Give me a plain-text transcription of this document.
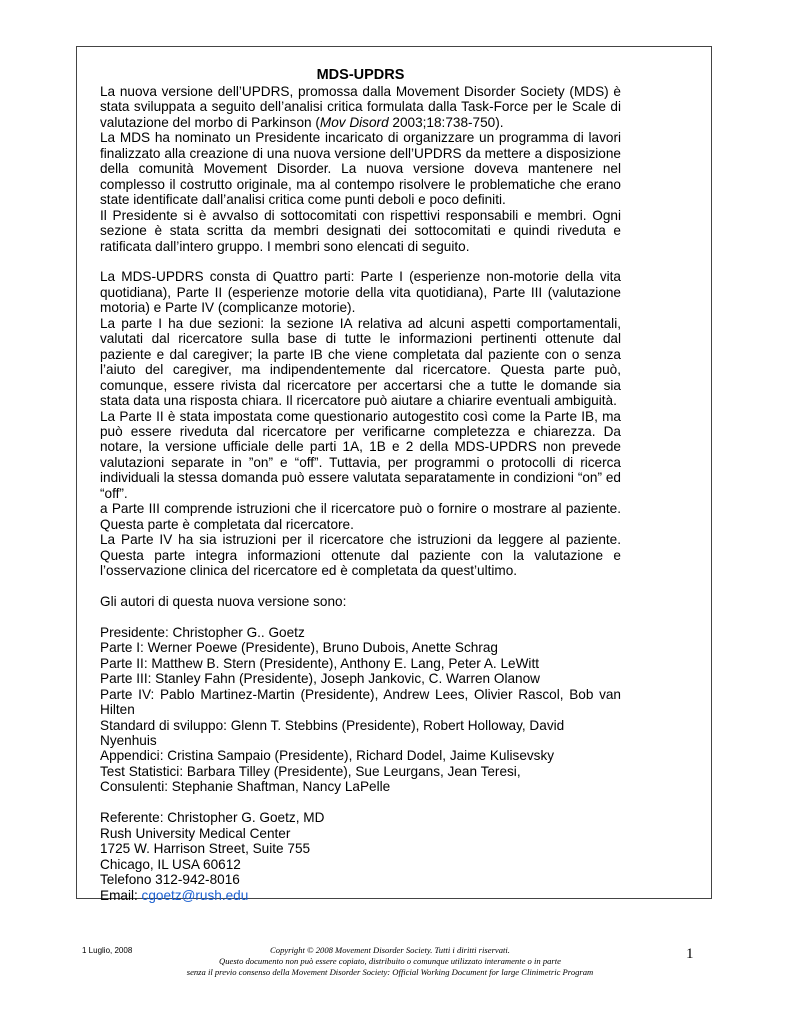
MDS-UPDRS

La nuova versione dell’UPDRS, promossa dalla Movement Disorder Society (MDS) è stata sviluppata a seguito dell’analisi critica formulata dalla Task-Force per le Scale di valutazione del morbo di Parkinson (Mov Disord 2003;18:738-750).

La MDS ha nominato un Presidente incaricato di organizzare un programma di lavori finalizzato alla creazione di una nuova versione dell’UPDRS da mettere a disposizione della comunità Movement Disorder. La nuova versione doveva mantenere nel complesso il costrutto originale, ma al contempo risolvere le problematiche che erano state identificate dall’analisi critica come punti deboli e poco definiti.

Il Presidente si è avvalso di sottocomitati con rispettivi responsabili e membri. Ogni sezione è stata scritta da membri designati dei sottocomitati e quindi riveduta e ratificata dall’intero gruppo. I membri sono elencati di seguito.

La MDS-UPDRS consta di Quattro parti: Parte I (esperienze non-motorie della vita quotidiana), Parte II (esperienze motorie della vita quotidiana), Parte III (valutazione motoria) e Parte IV (complicanze motorie).

La parte I ha due sezioni: la sezione IA relativa ad alcuni aspetti comportamentali, valutati dal ricercatore sulla base di tutte le informazioni pertinenti ottenute dal paziente e dal caregiver; la parte IB che viene completata dal paziente con o senza l’aiuto del caregiver, ma indipendentemente dal ricercatore. Questa parte può, comunque, essere rivista dal ricercatore per accertarsi che a tutte le domande sia stata data una risposta chiara. Il ricercatore può aiutare a chiarire eventuali ambiguità.

La Parte II è stata impostata come questionario autogestito così come la Parte IB, ma può essere riveduta dal ricercatore per verificarne completezza e chiarezza. Da notare, la versione ufficiale delle parti 1A, 1B e 2 della MDS-UPDRS non prevede valutazioni separate in ”on” e “off”. Tuttavia, per programmi o protocolli di ricerca individuali la stessa domanda può essere valutata separatamente in condizioni “on” ed “off”.

a Parte III comprende istruzioni che il ricercatore può o fornire o mostrare al paziente. Questa parte è completata dal ricercatore.

La Parte IV ha sia istruzioni per il ricercatore che istruzioni da leggere al paziente. Questa parte integra informazioni ottenute dal paziente con la valutazione e l’osservazione clinica del ricercatore ed è completata da quest’ultimo.

Gli autori di questa nuova versione sono:

Presidente: Christopher G.. Goetz

Parte I: Werner Poewe (Presidente), Bruno Dubois, Anette Schrag

Parte II: Matthew B. Stern (Presidente), Anthony E. Lang, Peter A. LeWitt

Parte III: Stanley Fahn (Presidente), Joseph Jankovic, C. Warren Olanow

Parte IV: Pablo Martinez-Martin (Presidente), Andrew Lees, Olivier Rascol, Bob van Hilten

Standard di sviluppo: Glenn T. Stebbins (Presidente), Robert Holloway, David Nyenhuis

Appendici: Cristina Sampaio (Presidente), Richard Dodel, Jaime Kulisevsky

Test Statistici: Barbara Tilley (Presidente), Sue Leurgans, Jean Teresi,

Consulenti: Stephanie Shaftman, Nancy LaPelle

Referente: Christopher G. Goetz, MD

Rush University Medical Center

1725 W. Harrison Street, Suite 755

Chicago, IL USA 60612

Telefono 312-942-8016

Email: cgoetz@rush.edu

1 Luglio, 2008	Copyright © 2008 Movement Disorder Society. Tutti i diritti riservati.
Questo documento non può essere copiato, distribuito o comunque utilizzato interamente o in parte
senza il previo consenso della Movement Disorder Society: Official Working Document for large Clinimetric Program
1
